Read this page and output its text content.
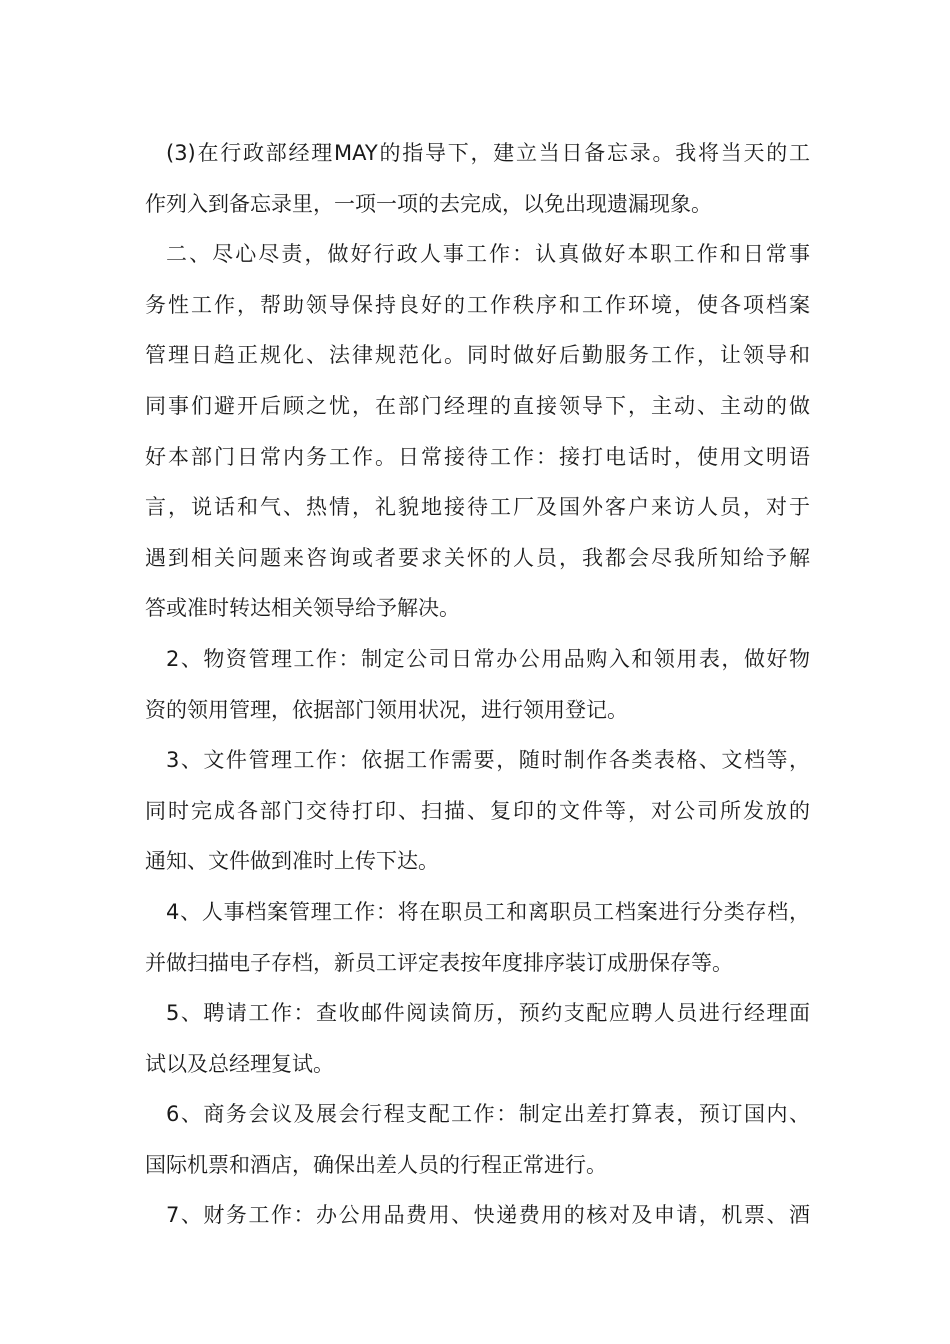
(3)在行政部经理MAY的指导下，建立当日备忘录。我将当天的工
作列入到备忘录里，一项一项的去完成，以免出现遗漏现象。
二、尽心尽责，做好行政人事工作：认真做好本职工作和日常事
务性工作，帮助领导保持良好的工作秩序和工作环境，使各项档案
管理日趋正规化、法律规范化。同时做好后勤服务工作，让领导和
同事们避开后顾之忧，在部门经理的直接领导下，主动、主动的做
好本部门日常内务工作。日常接待工作：接打电话时，使用文明语
言，说话和气、热情，礼貌地接待工厂及国外客户来访人员，对于
遇到相关问题来咨询或者要求关怀的人员，我都会尽我所知给予解
答或准时转达相关领导给予解决。
2、物资管理工作：制定公司日常办公用品购入和领用表，做好物
资的领用管理，依据部门领用状况，进行领用登记。
3、文件管理工作：依据工作需要，随时制作各类表格、文档等，
同时完成各部门交待打印、扫描、复印的文件等，对公司所发放的
通知、文件做到准时上传下达。
4、人事档案管理工作：将在职员工和离职员工档案进行分类存档，
并做扫描电子存档，新员工评定表按年度排序装订成册保存等。
5、聘请工作：查收邮件阅读简历，预约支配应聘人员进行经理面
试以及总经理复试。
6、商务会议及展会行程支配工作：制定出差打算表，预订国内、
国际机票和酒店，确保出差人员的行程正常进行。
7、财务工作：办公用品费用、快递费用的核对及申请，机票、酒
